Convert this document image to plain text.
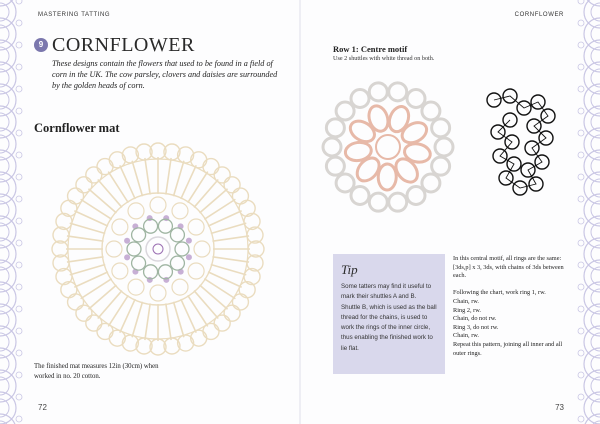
MASTERING TATTING
9 CORNFLOWER

These designs contain the flowers that used to be found in a field of corn in the UK. The cow parsley, clovers and daisies are surrounded by the golden heads of corn.

Cornflower mat

The finished mat measures 12in (30cm) when worked in no. 20 cotton.

72
CORNFLOWER
Row 1: Centre motif

Use 2 shuttles with white thread on both.

Tip
Some tatters may find it useful to mark their shuttles A and B. Shuttle B, which is used as the ball thread for the chains, is used to work the rings of the inner circle, thus enabling the finished work to lie flat.

In this central motif, all rings are the same: [3ds,p] x 3, 3ds, with chains of 3ds between each.

Following the chart, work ring 1, rw.
Chain, rw.
Ring 2, rw.
Chain, do not rw.
Ring 3, do not rw.
Chain, rw.
Repeat this pattern, joining all inner and all outer rings.
73
